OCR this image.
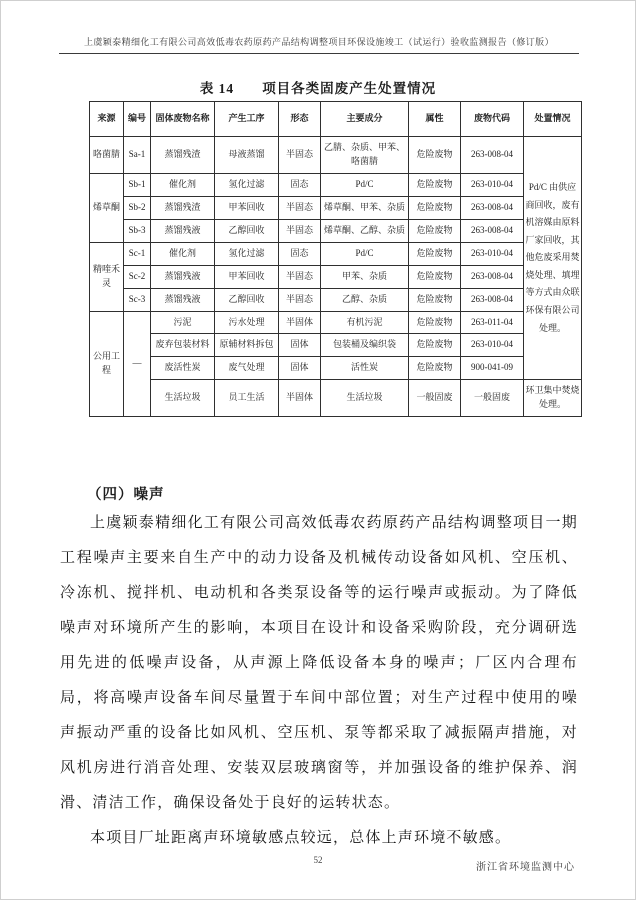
上虞颖泰精细化工有限公司高效低毒农药原药产品结构调整项目环保设施竣工（试运行）验收监测报告（修订版）
表 14 项目各类固废产生处置情况
来源	编号	固体废物名称	产生工序	形态	主要成分	属性	废物代码	处置情况
咯菌腈	Sa-1	蒸馏残渣	母液蒸馏	半固态	乙腈、杂质、甲苯、咯菌腈	危险废物	263-008-04	Pd/C 由供应商回收，废有机溶媒由原料厂家回收，其他危废采用焚烧处理、填埋等方式由众联环保有限公司处理。
烯草酮	Sb-1	催化剂	氢化过滤	固态	Pd/C	危险废物	263-010-04	
	Sb-2	蒸馏残渣	甲苯回收	半固态	烯草酮、甲苯、杂质	危险废物	263-008-04	
	Sb-3	蒸馏残液	乙醇回收	半固态	烯草酮、乙醇、杂质	危险废物	263-008-04	
精喹禾灵	Sc-1	催化剂	氢化过滤	固态	Pd/C	危险废物	263-010-04	
	Sc-2	蒸馏残液	甲苯回收	半固态	甲苯、杂质	危险废物	263-008-04	
	Sc-3	蒸馏残液	乙醇回收	半固态	乙醇、杂质	危险废物	263-008-04	
公用工程	—	污泥	污水处理	半固体	有机污泥	危险废物	263-011-04	
		废弃包装材料	原辅材料拆包	固体	包装桶及编织袋	危险废物	263-010-04	
		废活性炭	废气处理	固体	活性炭	危险废物	900-041-09	
		生活垃圾	员工生活	半固体	生活垃圾	一般固废	一般固废	环卫集中焚烧处理。
（四）噪声
上虞颖泰精细化工有限公司高效低毒农药原药产品结构调整项目一期工程噪声主要来自生产中的动力设备及机械传动设备如风机、空压机、冷冻机、搅拌机、电动机和各类泵设备等的运行噪声或振动。为了降低噪声对环境所产生的影响，本项目在设计和设备采购阶段，充分调研选用先进的低噪声设备，从声源上降低设备本身的噪声；厂区内合理布局，将高噪声设备车间尽量置于车间中部位置；对生产过程中使用的噪声振动严重的设备比如风机、空压机、泵等都采取了减振隔声措施，对风机房进行消音处理、安装双层玻璃窗等，并加强设备的维护保养、润滑、清洁工作，确保设备处于良好的运转状态。
本项目厂址距离声环境敏感点较远，总体上声环境不敏感。
52
浙江省环境监测中心
